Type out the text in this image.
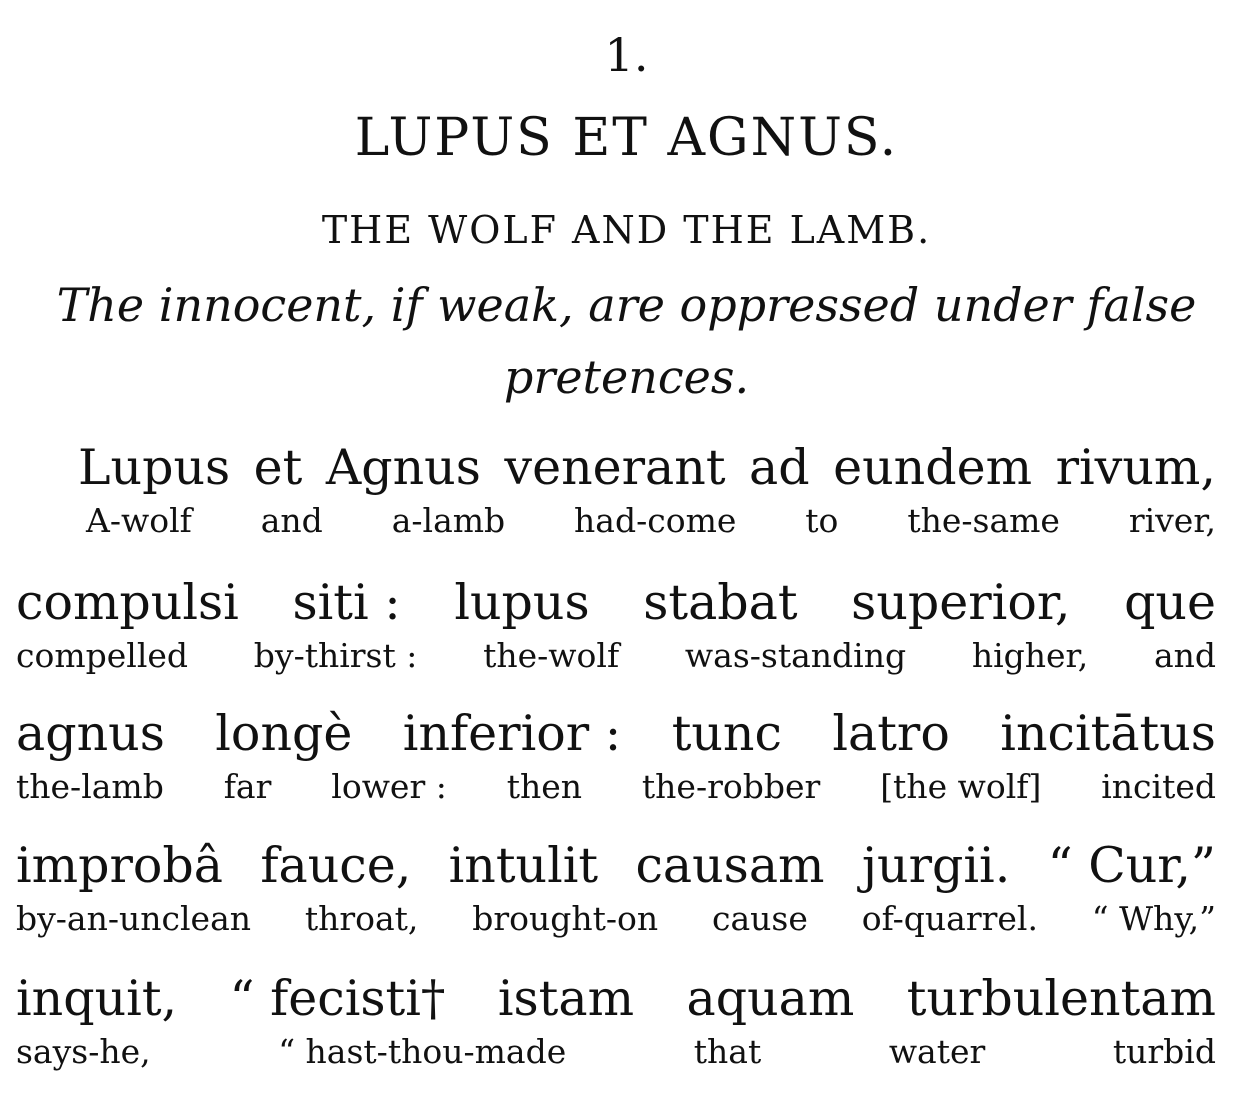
1.
LUPUS ET AGNUS.
THE WOLF AND THE LAMB.
The innocent, if weak, are oppressed under false
pretences.
Lupus et Agnus venerant ad eundem rivum,
A-wolf and a-lamb had-come to the-same river,
compulsi siti : lupus stabat superior, que
compelled by-thirst : the-wolf was-standing higher, and
agnus longè inferior : tunc latro incitātus
the-lamb far lower : then the-robber [the wolf] incited
improbâ fauce, intulit causam jurgii. “ Cur,”
by-an-unclean throat, brought-on cause of-quarrel. “ Why,”
inquit, “ fecisti† istam aquam turbulentam
says-he,	“ hast-thou-made	that	water	turbid
